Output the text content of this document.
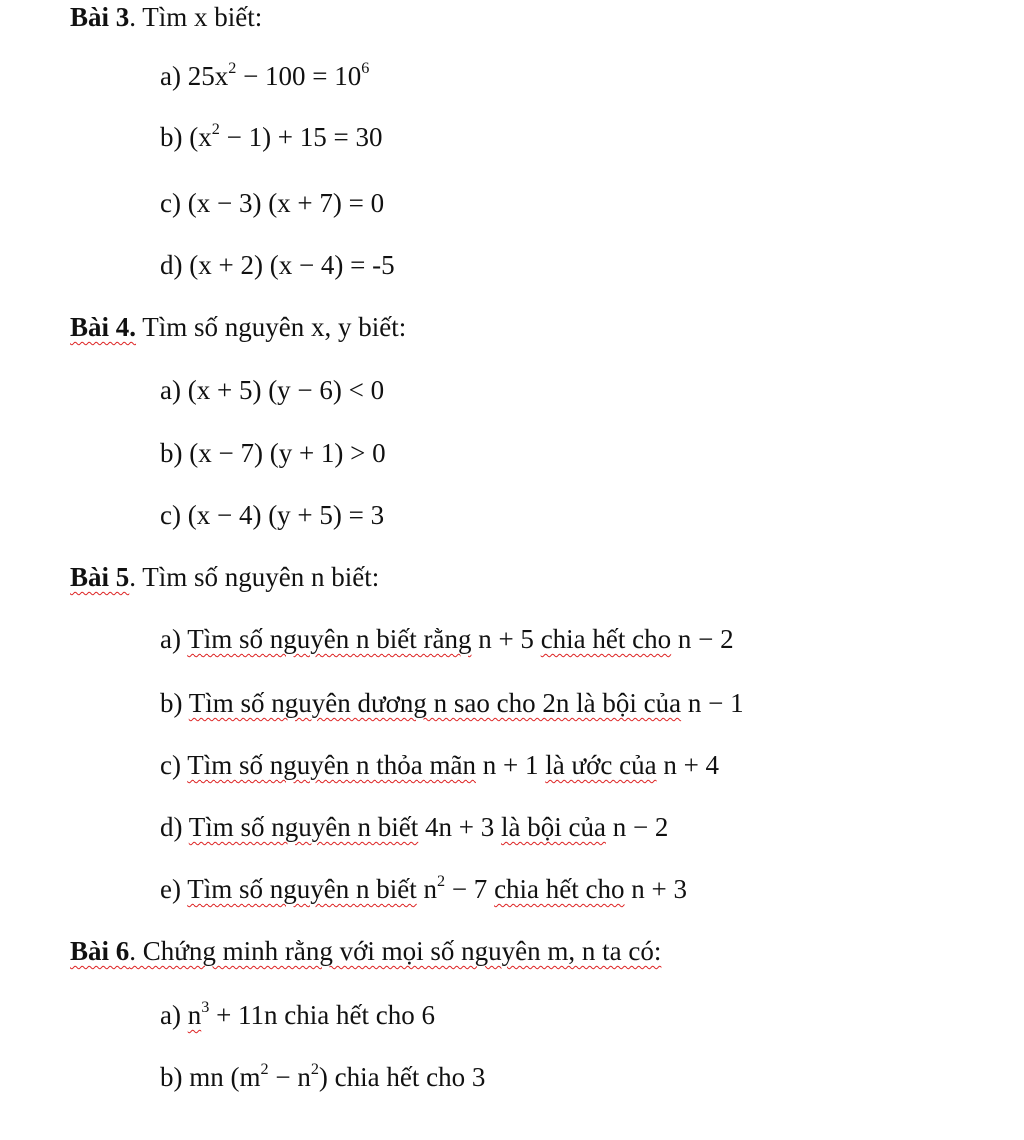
Bài 3. Tìm x biết:
a) $25x^2 - 100 = 10^6$
b) $(x^2 - 1) + 15 = 30$
c) (x − 3) (x + 7) = 0
d) (x + 2) (x − 4) = -5
Bài 4. Tìm số nguyên x, y biết:
a) (x + 5) (y − 6) < 0
b) (x − 7) (y + 1) > 0
c) (x − 4) (y + 5) = 3
Bài 5. Tìm số nguyên n biết:
a) Tìm số nguyên n biết rằng n + 5 chia hết cho n − 2
b) Tìm số nguyên dương n sao cho 2n là bội của n − 1
c) Tìm số nguyên n thỏa mãn n + 1 là ước của n + 4
d) Tìm số nguyên n biết 4n + 3 là bội của n − 2
e) Tìm số nguyên n biết $n^2 - 7$ chia hết cho n + 3
Bài 6. Chứng minh rằng với mọi số nguyên m, n ta có:
a) $n^3 + 11n$ chia hết cho 6
b) mn $(m^2 - n^2)$ chia hết cho 3
